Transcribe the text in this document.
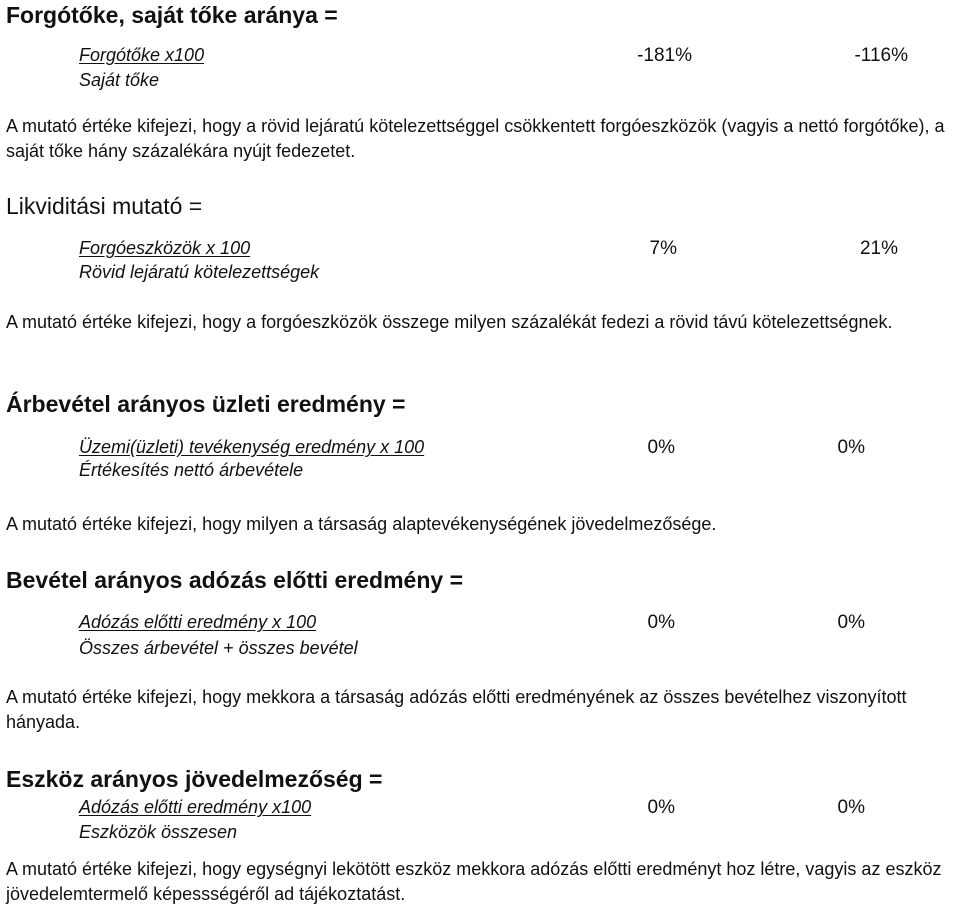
Forgótőke, saját tőke aránya =
Forgótőke x100	-181%	-116%
Saját tőke
A mutató értéke kifejezi, hogy a rövid lejáratú kötelezettséggel csökkentett forgóeszközök (vagyis a nettó forgótőke), a saját tőke hány százalékára nyújt fedezetet.
Likviditási mutató =
Forgóeszközök x 100	7%	21%
Rövid lejáratú kötelezettségek
A mutató értéke kifejezi, hogy a forgóeszközök összege milyen százalékát fedezi a rövid távú kötelezettségnek.
Árbevétel arányos üzleti eredmény =
Üzemi(üzleti) tevékenység eredmény x 100	0%	0%
Értékesítés nettó árbevétele
A mutató értéke kifejezi, hogy milyen a társaság alaptevékenységének jövedelmezősége.
Bevétel arányos adózás előtti eredmény =
Adózás előtti eredmény x 100	0%	0%
Összes árbevétel + összes bevétel
A mutató értéke kifejezi, hogy mekkora a társaság adózás előtti eredményének az összes bevételhez viszonyított hányada.
Eszköz arányos jövedelmezőség =
Adózás előtti eredmény x100	0%	0%
Eszközök összesen
A mutató értéke kifejezi, hogy egységnyi lekötött eszköz mekkora adózás előtti eredményt hoz létre, vagyis az eszköz jövedelemtermelő képessségéről ad tájékoztatást.
